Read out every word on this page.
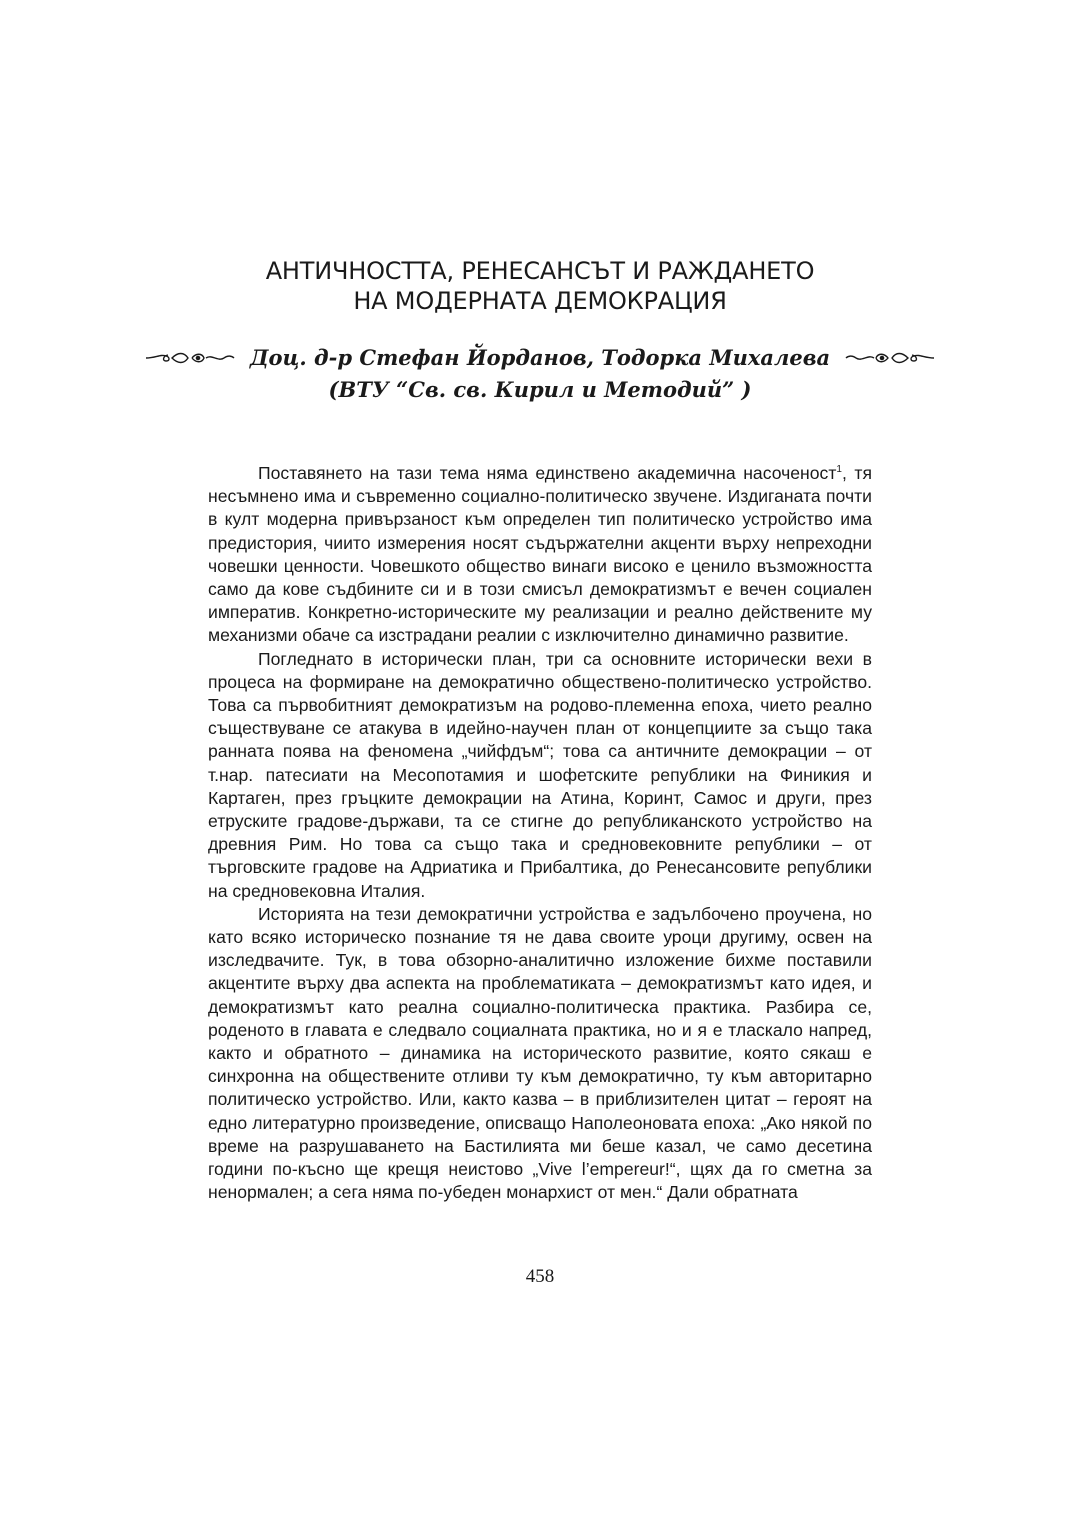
АНТИЧНОСТТА, РЕНЕСАНСЪТ И РАЖДАНЕТО
НА МОДЕРНАТА ДЕМОКРАЦИЯ
Доц. д-р Стефан Йорданов, Тодорка Михалева
(ВТУ “Св. св. Кирил и Методий” )

Поставянето на тази тема няма единствено академична насоченост$^1$, тя несъмнено има и съвременно социално-политическо звучене. Издиганата почти в култ модерна привързаност към определен тип политическо устройство има предистория, чиито измерения носят съдържателни акценти върху непреходни човешки ценности. Човешкото общество винаги високо е ценило възможността само да кове съдбините си и в този смисъл демократизмът е вечен социален императив. Конкретно-историческите му реализации и реално действените му механизми обаче са изстрадани реалии с изключително динамично развитие.

Погледнато в исторически план, три са основните исторически вехи в процеса на формиране на демократично обществено-политическо устройство. Това са първобитният демократизъм на родово-племенна епоха, чието реално съществуване се атакува в идейно-научен план от концепциите за също така ранната поява на феномена „чийфдъм“; това са античните демокрации – от т.нар. патесиати на Месопотамия и шофетските републики на Финикия и Картаген, през гръцките демокрации на Атина, Коринт, Самос и други, през етруските градове-държави, та се стигне до републиканското устройство на древния Рим. Но това са също така и средновековните републики – от търговските градове на Адриатика и Прибалтика, до Ренесансовите републики на средновековна Италия.

Историята на тези демократични устройства е задълбочено проучена, но като всяко историческо познание тя не дава своите уроци другиму, освен на изследвачите. Тук, в това обзорно-аналитично изложение бихме поставили акцентите върху два аспекта на проблематиката – демократизмът като идея, и демократизмът като реална социално-политическа практика. Разбира се, роденото в главата е следвало социалната практика, но и я е тласкало напред, както и обратното – динамика на историческото развитие, която сякаш е синхронна на обществените отливи ту към демократично, ту към авторитарно политическо устройство. Или, както казва – в приблизителен цитат – героят на едно литературно произведение, описващо Наполеоновата епоха: „Ако някой по време на разрушаването на Бастилията ми беше казал, че само десетина години по-късно ще крещя неистово „Vive l’empereur!“, щях да го сметна за ненормален; а сега няма по-убеден монархист от мен.“ Дали обратната

458
